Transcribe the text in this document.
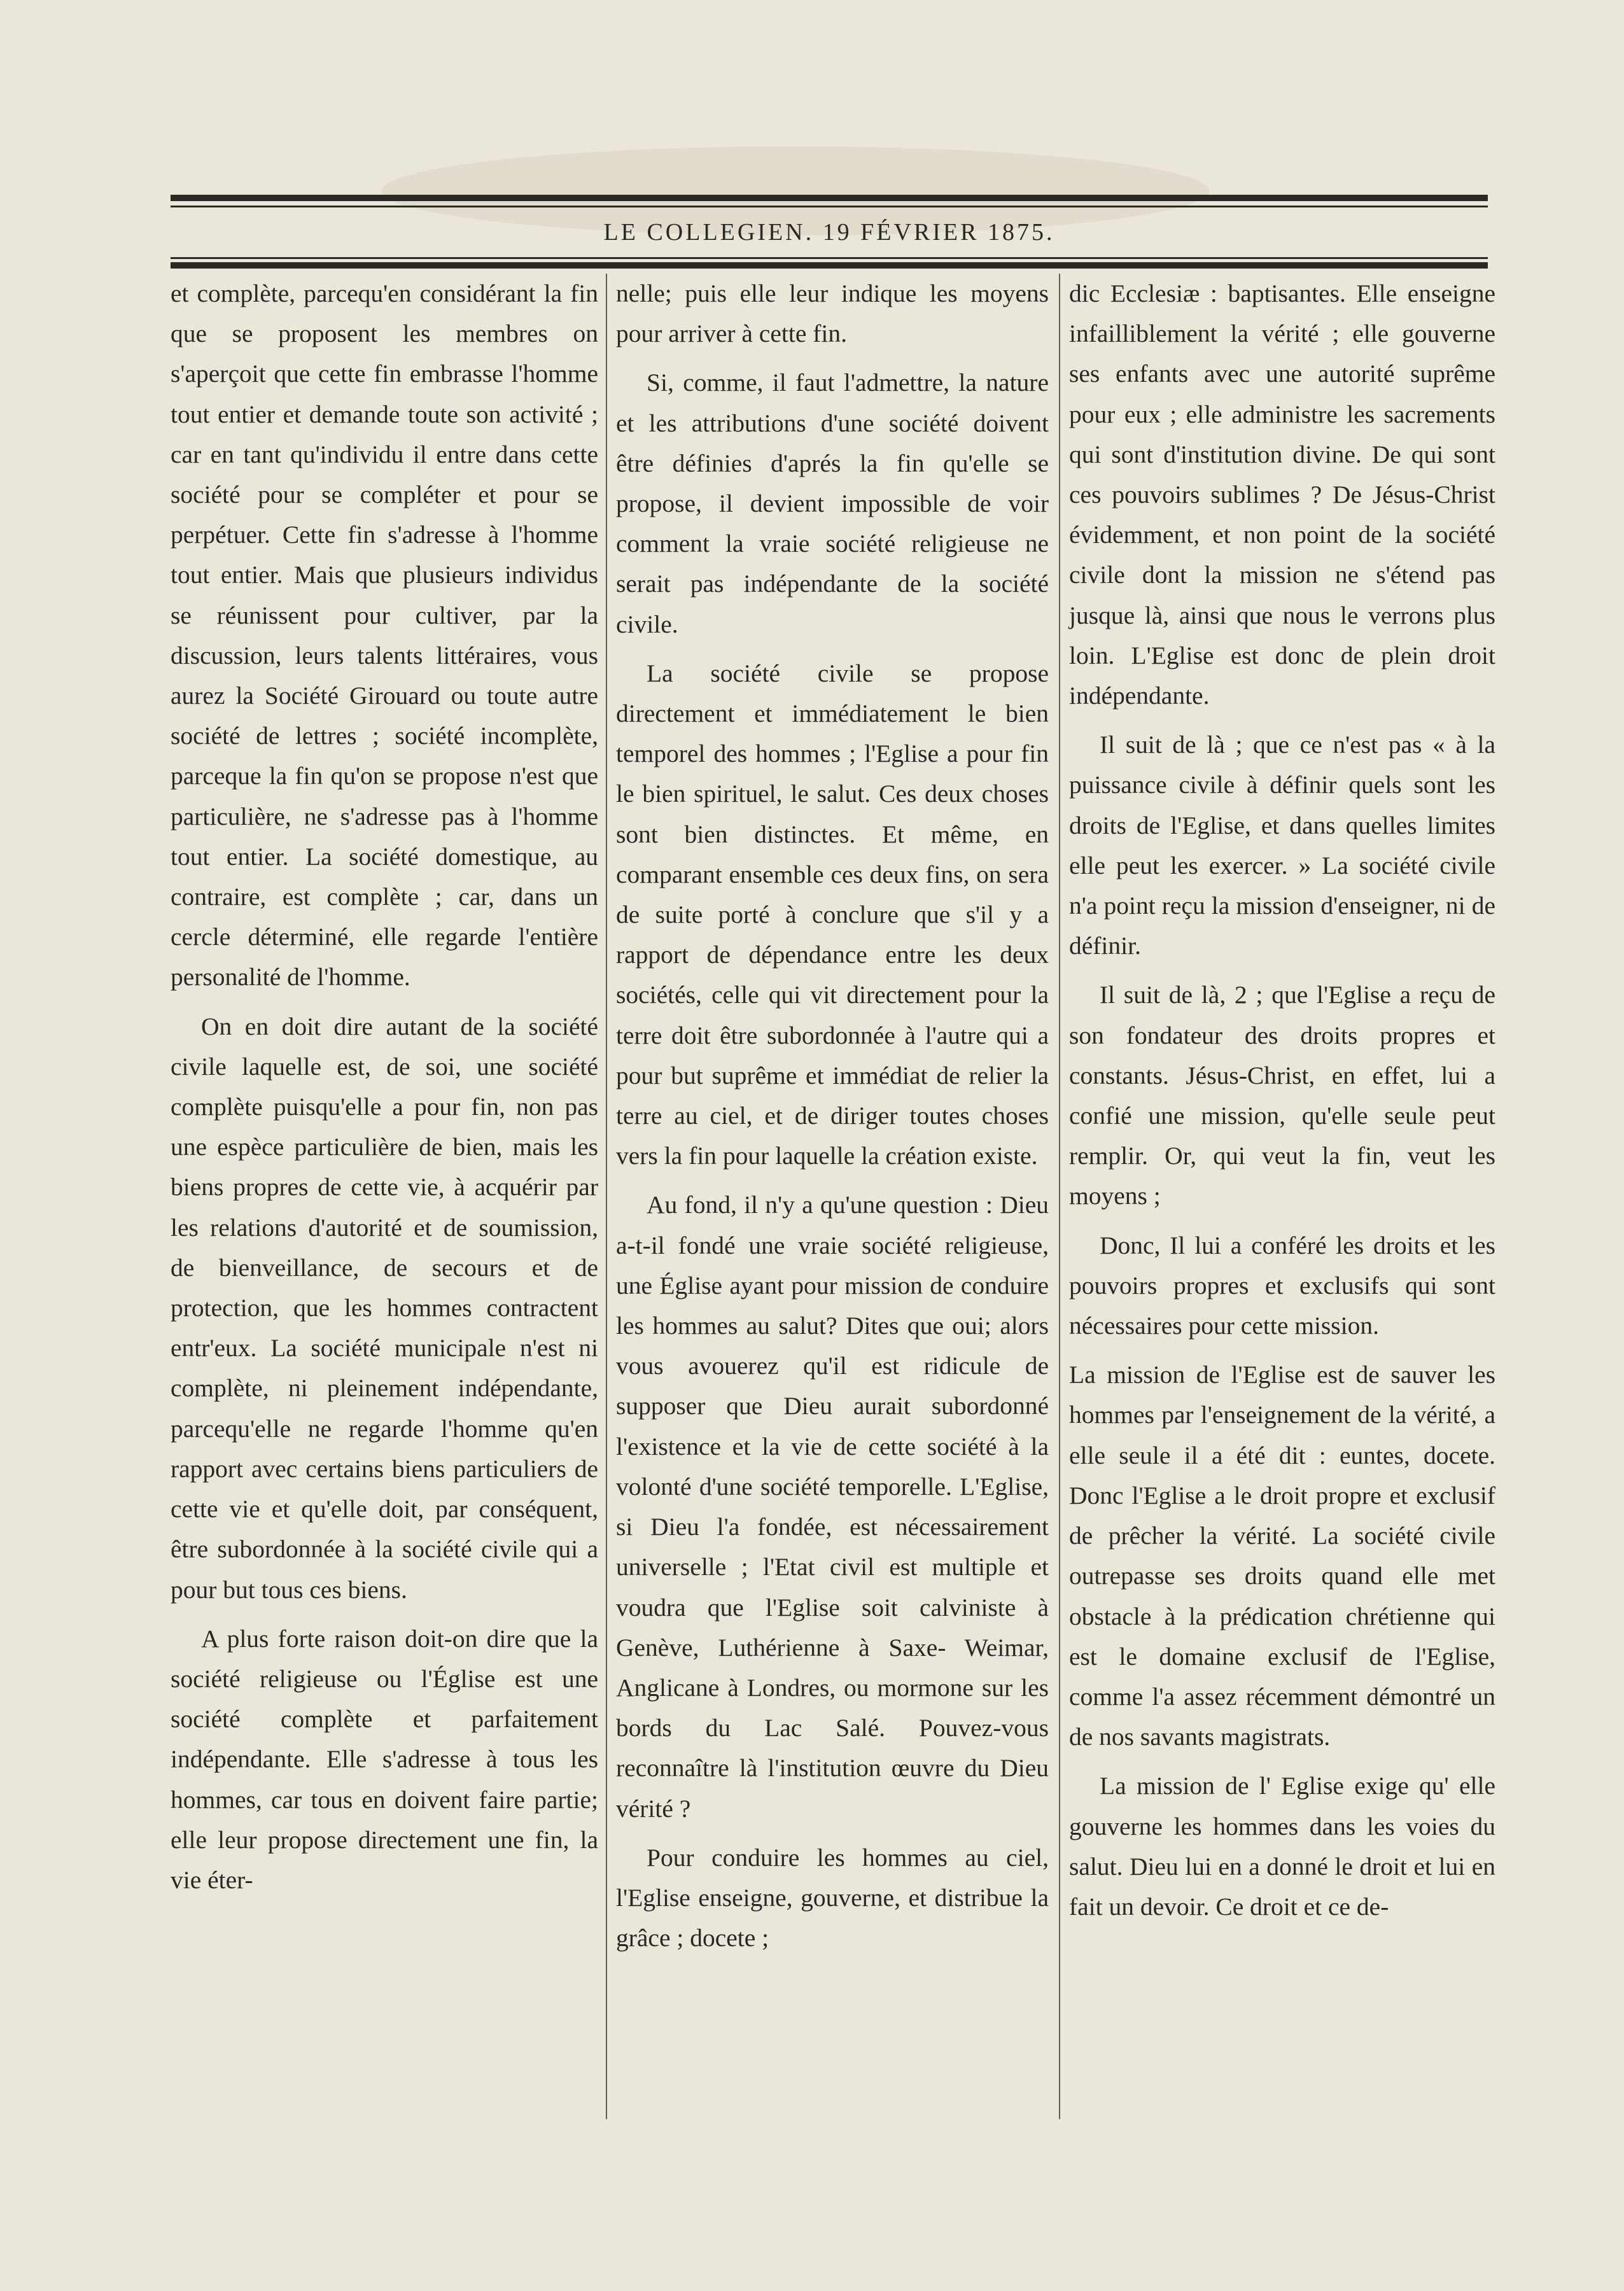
LE COLLEGIEN. 19 FÉVRIER 1875.

et complète, parcequ'en considérant la fin que se proposent les membres on s'aperçoit que cette fin embrasse l'homme tout entier et demande toute son activité ; car en tant qu'individu il entre dans cette société pour se compléter et pour se perpétuer. Cette fin s'adresse à l'homme tout entier. Mais que plusieurs individus se réunissent pour cultiver, par la discussion, leurs talents littéraires, vous aurez la Société Girouard ou toute autre société de lettres ; société incomplète, parceque la fin qu'on se propose n'est que particulière, ne s'adresse pas à l'homme tout entier. La société domestique, au contraire, est complète ; car, dans un cercle déterminé, elle regarde l'entière personalité de l'homme.

On en doit dire autant de la société civile laquelle est, de soi, une société complète puisqu'elle a pour fin, non pas une espèce particulière de bien, mais les biens propres de cette vie, à acquérir par les relations d'autorité et de soumission, de bienveillance, de secours et de protection, que les hommes contractent entr'eux. La société municipale n'est ni complète, ni pleinement indépendante, parcequ'elle ne regarde l'homme qu'en rapport avec certains biens particuliers de cette vie et qu'elle doit, par conséquent, être subordonnée à la société civile qui a pour but tous ces biens.

A plus forte raison doit-on dire que la société religieuse ou l'Église est une société complète et parfaitement indépendante. Elle s'adresse à tous les hommes, car tous en doivent faire partie; elle leur propose directement une fin, la vie éter-

nelle; puis elle leur indique les moyens pour arriver à cette fin.

Si, comme, il faut l'admettre, la nature et les attributions d'une société doivent être définies d'aprés la fin qu'elle se propose, il devient impossible de voir comment la vraie société religieuse ne serait pas indépendante de la société civile.

La société civile se propose directement et immédiatement le bien temporel des hommes ; l'Eglise a pour fin le bien spirituel, le salut. Ces deux choses sont bien distinctes. Et même, en comparant ensemble ces deux fins, on sera de suite porté à conclure que s'il y a rapport de dépendance entre les deux sociétés, celle qui vit directement pour la terre doit être subordonnée à l'autre qui a pour but suprême et immédiat de relier la terre au ciel, et de diriger toutes choses vers la fin pour laquelle la création existe.

Au fond, il n'y a qu'une question : Dieu a-t-il fondé une vraie société religieuse, une Église ayant pour mission de conduire les hommes au salut? Dites que oui; alors vous avouerez qu'il est ridicule de supposer que Dieu aurait subordonné l'existence et la vie de cette société à la volonté d'une société temporelle. L'Eglise, si Dieu l'a fondée, est nécessairement universelle ; l'Etat civil est multiple et voudra que l'Eglise soit calviniste à Genève, Luthérienne à Saxe- Weimar, Anglicane à Londres, ou mormone sur les bords du Lac Salé. Pouvez-vous reconnaître là l'institution œuvre du Dieu vérité ?

Pour conduire les hommes au ciel, l'Eglise enseigne, gouverne, et distribue la grâce ; docete ;

dic Ecclesiæ : baptisantes. Elle enseigne infailliblement la vérité ; elle gouverne ses enfants avec une autorité suprême pour eux ; elle administre les sacrements qui sont d'institution divine. De qui sont ces pouvoirs sublimes ? De Jésus-Christ évidemment, et non point de la société civile dont la mission ne s'étend pas jusque là, ainsi que nous le verrons plus loin. L'Eglise est donc de plein droit indépendante.

Il suit de là ; que ce n'est pas « à la puissance civile à définir quels sont les droits de l'Eglise, et dans quelles limites elle peut les exercer. » La société civile n'a point reçu la mission d'enseigner, ni de définir.

Il suit de là, 2 ; que l'Eglise a reçu de son fondateur des droits propres et constants. Jésus-Christ, en effet, lui a confié une mission, qu'elle seule peut remplir. Or, qui veut la fin, veut les moyens ;

Donc, Il lui a conféré les droits et les pouvoirs propres et exclusifs qui sont nécessaires pour cette mission.

La mission de l'Eglise est de sauver les hommes par l'enseignement de la vérité, a elle seule il a été dit : euntes, docete. Donc l'Eglise a le droit propre et exclusif de prêcher la vérité. La société civile outrepasse ses droits quand elle met obstacle à la prédication chrétienne qui est le domaine exclusif de l'Eglise, comme l'a assez récemment démontré un de nos savants magistrats.

La mission de l' Eglise exige qu' elle gouverne les hommes dans les voies du salut. Dieu lui en a donné le droit et lui en fait un devoir. Ce droit et ce de-
